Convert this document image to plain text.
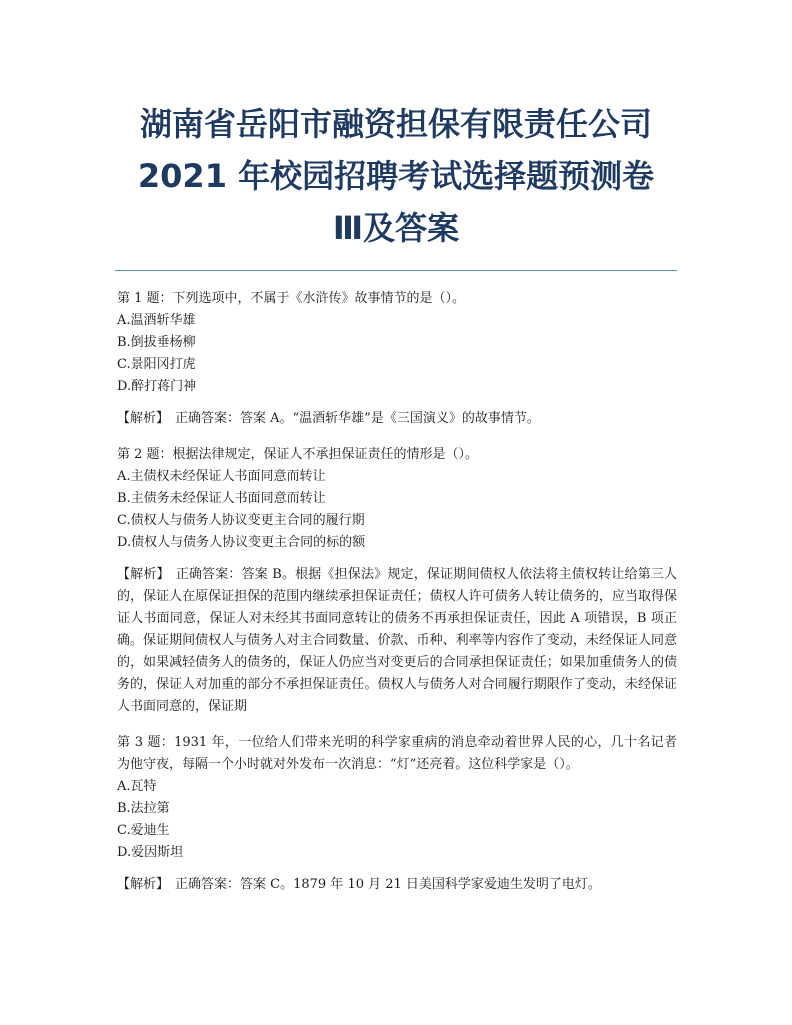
湖南省岳阳市融资担保有限责任公司
2021 年校园招聘考试选择题预测卷
Ⅲ及答案

第 1 题：下列选项中，不属于《水浒传》故事情节的是（）。

A.温酒斩华雄

B.倒拔垂杨柳

C.景阳冈打虎

D.醉打蒋门神

【解析】 正确答案：答案 A。“温酒斩华雄”是《三国演义》的故事情节。

第 2 题：根据法律规定，保证人不承担保证责任的情形是（）。

A.主债权未经保证人书面同意而转让

B.主债务未经保证人书面同意而转让

C.债权人与债务人协议变更主合同的履行期

D.债权人与债务人协议变更主合同的标的额

【解析】 正确答案：答案 B。根据《担保法》规定，保证期间债权人依法将主债权转让给第三人的，保证人在原保证担保的范围内继续承担保证责任；债权人许可债务人转让债务的，应当取得保证人书面同意，保证人对未经其书面同意转让的债务不再承担保证责任，因此 A 项错误，B 项正确。保证期间债权人与债务人对主合同数量、价款、币种、利率等内容作了变动，未经保证人同意的，如果减轻债务人的债务的，保证人仍应当对变更后的合同承担保证责任；如果加重债务人的债务的，保证人对加重的部分不承担保证责任。债权人与债务人对合同履行期限作了变动，未经保证人书面同意的，保证期

第 3 题：1931 年，一位给人们带来光明的科学家重病的消息牵动着世界人民的心，几十名记者为他守夜，每隔一个小时就对外发布一次消息：“灯”还亮着。这位科学家是（）。

A.瓦特

B.法拉第

C.爱迪生

D.爱因斯坦

【解析】 正确答案：答案 C。1879 年 10 月 21 日美国科学家爱迪生发明了电灯。
